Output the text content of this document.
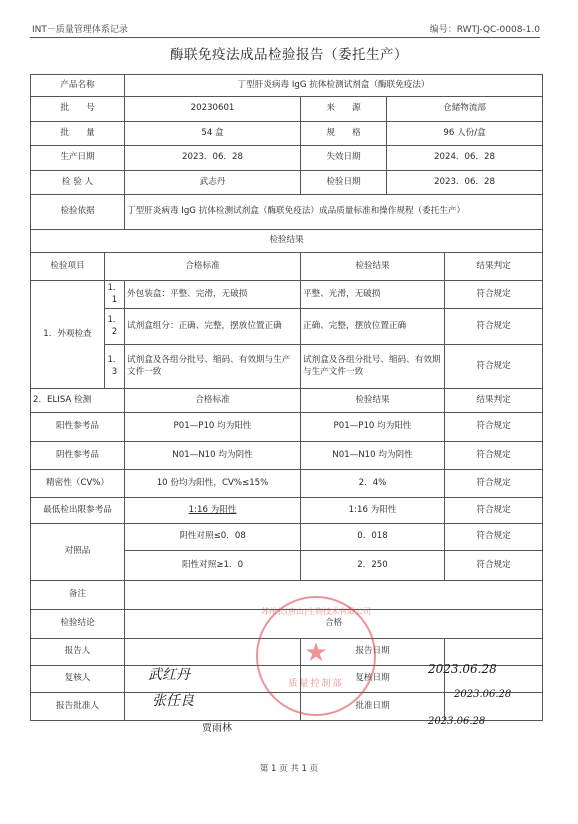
INT－质量管理体系记录	编号：RWTJ-QC-0008-1.0
酶联免疫法成品检验报告（委托生产）
产品名称		丁型肝炎病毒 IgG 抗体检测试剂盒（酶联免疫法）			
批　　号		20230601	来　　源	仓储物流部	
批　　量		54 盒	规　　格	96 人份/盒	
生产日期		2023．06．28	失效日期	2024．06．28	
检 验 人		武志丹	检验日期	2023．06．28	
检验依据		丁型肝炎病毒 IgG 抗体检测试剂盒（酶联免疫法）成品质量标准和操作规程（委托生产）			
检验结果					
检验项目	合格标准		检验结果		结果判定
1．外观检查	1．1	外包装盒：平整、完滑，无破损	平整、光滑，无破损		符合规定
	1．2	试剂盒组分：正确、完整，摆放位置正确	正确、完整，摆放位置正确		符合规定
	1．3	试剂盒及各组分批号、缩码、有效期与生产文件一致	试剂盒及各组分批号、缩码、有效期与生产文件一致		符合规定
2．ELISA 检测		合格标准	检验结果		结果判定
阳性参考品		P01—P10 均为阳性	P01—P10 均为阳性		符合规定
阴性参考品		N01—N10 均为阴性	N01—N10 均为阴性		符合规定
精密性（CV%）		10 份均为阳性，CV%≤15%	2．4%		符合规定
最低检出限参考品		1:16 为阳性	1:16 为阳性		符合规定
对照品		阴性对照≤0．08	0．018		符合规定
		阳性对照≥1．0	2．250		符合规定
备注					
检验结论		合格			
报告人			报告日期		
复核人			复核日期		
报告批准人			批准日期		
苏州长(唐山)生物技术有限公司
★
质量控制部
武红丹
张任良
贾雨林
2023.06.28
2023.06.28
2023.06.28
第 1 页 共 1 页
